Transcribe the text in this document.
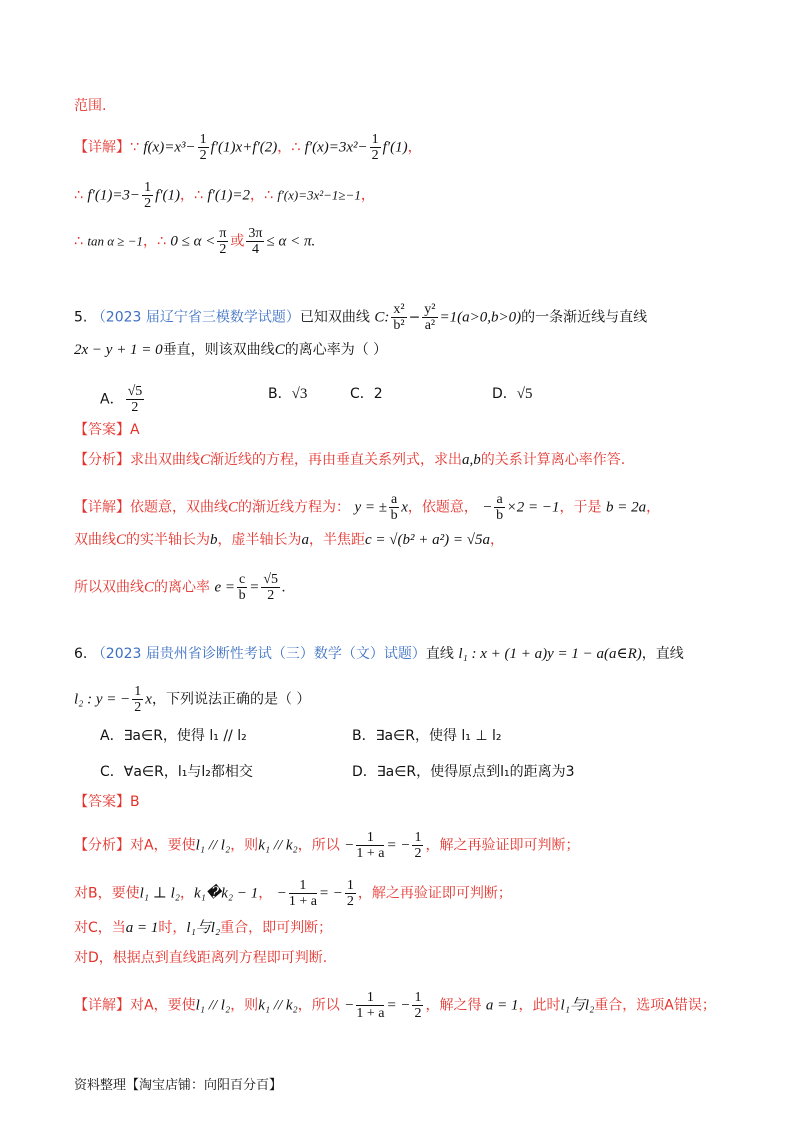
范围.
【详解】∵ $f(x)=x^3- \frac{1}{2} f'(1)x+f'(2)$，∴ $f'(x)=3x^2- \frac{1}{2} f'(1)$，
∴ $f'(1)=3- \frac{1}{2} f'(1)$，∴ f′(1)=2，∴ f′(x)=3x²−1≥−1，
∴ tan α ≥ −1，∴ $0 \le \alpha < \frac{\pi}{2}$ 或 $\frac{3\pi}{4} \le \alpha < \pi$.
5. （2023 届辽宁省三模数学试题）已知双曲线 C: $\frac{\text{x²}}{\text{b²}} - \frac{\text{y²}}{\text{a²}} =1(a>0,b>0)$的一条渐近线与直线
2x − y + 1 = 0垂直，则该双曲线C的离心率为（ ）
A． $\frac{√5}{2}$	B．√3	C．2	D．√5
【答案】A
【分析】求出双曲线C渐近线的方程，再由垂直关系列式，求出a,b的关系计算离心率作答.
【详解】依题意，双曲线C的渐近线方程为： y = ± $\frac{a}{b}$ x，依题意， − $\frac{a}{b} \times 2 = -1$，于是 b = 2a，
双曲线C的实半轴长为b，虚半轴长为a，半焦距c = √(b² + a²) = √5a，
所以双曲线C的离心率 $e = \frac{c}{b} = \frac{√5}{2}$ .
6. （2023 届贵州省诊断性考试（三）数学（文）试题）直线 l₁ : x + (1 + a)y = 1 − a(a∈R)，直线
l₂ : y = − $\frac{1}{2}$ x，下列说法正确的是（ ）
A．∃a∈R，使得 l₁ // l₂	B．∃a∈R，使得 l₁ ⊥ l₂
C．∀a∈R，l₁与l₂都相交	D．∃a∈R，使得原点到l₁的距离为3
【答案】B
【分析】对A，要使l₁ // l₂，则k₁ // k₂，所以 − $\frac{1}{1 + a}$ = − $\frac{1}{2}$ ，解之再验证即可判断；
对B，要使l₁ ⊥ l₂，k₁�k₂ − 1， − $\frac{1}{1 + a}$ = − $\frac{1}{2}$ ，解之再验证即可判断；
对C，当a = 1时，l₁与l₂重合，即可判断；
对D，根据点到直线距离列方程即可判断.
【详解】对A，要使l₁ // l₂，则k₁ // k₂，所以 − $\frac{1}{1 + a}$ = − $\frac{1}{2}$ ，解之得 a = 1，此时l₁与l₂重合，选项A错误；
资料整理【淘宝店铺：向阳百分百】
